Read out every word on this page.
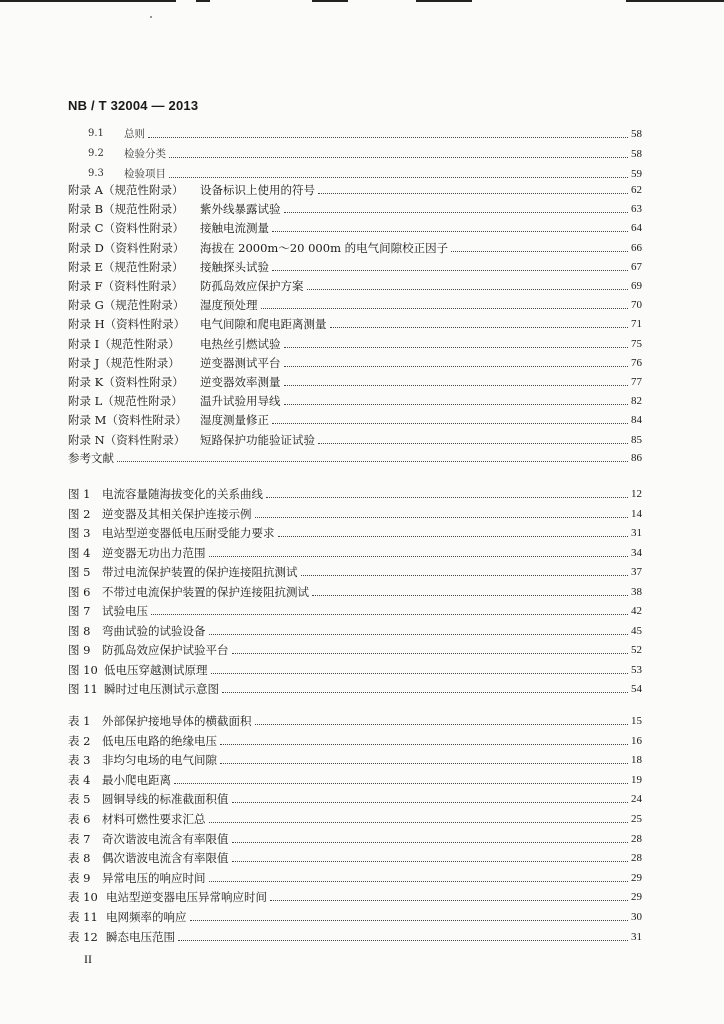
NB / T 32004 — 2013
9.1	总则	58
9.2	检验分类	58
9.3	检验项目	59
附录 A（规范性附录）	设备标识上使用的符号	62
附录 B（规范性附录）	紫外线暴露试验	63
附录 C（资料性附录）	接触电流测量	64
附录 D（资料性附录）	海拔在 2000m～20 000m 的电气间隙校正因子	66
附录 E（规范性附录）	接触探头试验	67
附录 F（资料性附录）	防孤岛效应保护方案	69
附录 G（规范性附录）	湿度预处理	70
附录 H（资料性附录）	电气间隙和爬电距离测量	71
附录 I（规范性附录）	电热丝引燃试验	75
附录 J（规范性附录）	逆变器测试平台	76
附录 K（资料性附录）	逆变器效率测量	77
附录 L（规范性附录）	温升试验用导线	82
附录 M（资料性附录）	湿度测量修正	84
附录 N（资料性附录）	短路保护功能验证试验	85
参考文献	86
图 1	电流容量随海拔变化的关系曲线	12
图 2	逆变器及其相关保护连接示例	14
图 3	电站型逆变器低电压耐受能力要求	31
图 4	逆变器无功出力范围	34
图 5	带过电流保护装置的保护连接阻抗测试	37
图 6	不带过电流保护装置的保护连接阻抗测试	38
图 7	试验电压	42
图 8	弯曲试验的试验设备	45
图 9	防孤岛效应保护试验平台	52
图 10 低电压穿越测试原理	53
图 11 瞬时过电压测试示意图	54
表 1	外部保护接地导体的横截面积	15
表 2	低电压电路的绝缘电压	16
表 3	非均匀电场的电气间隙	18
表 4	最小爬电距离	19
表 5	圆铜导线的标准截面积值	24
表 6	材料可燃性要求汇总	25
表 7	奇次谐波电流含有率限值	28
表 8	偶次谐波电流含有率限值	28
表 9	异常电压的响应时间	29
表 10 电站型逆变器电压异常响应时间	29
表 11 电网频率的响应	30
表 12 瞬态电压范围	31
II
